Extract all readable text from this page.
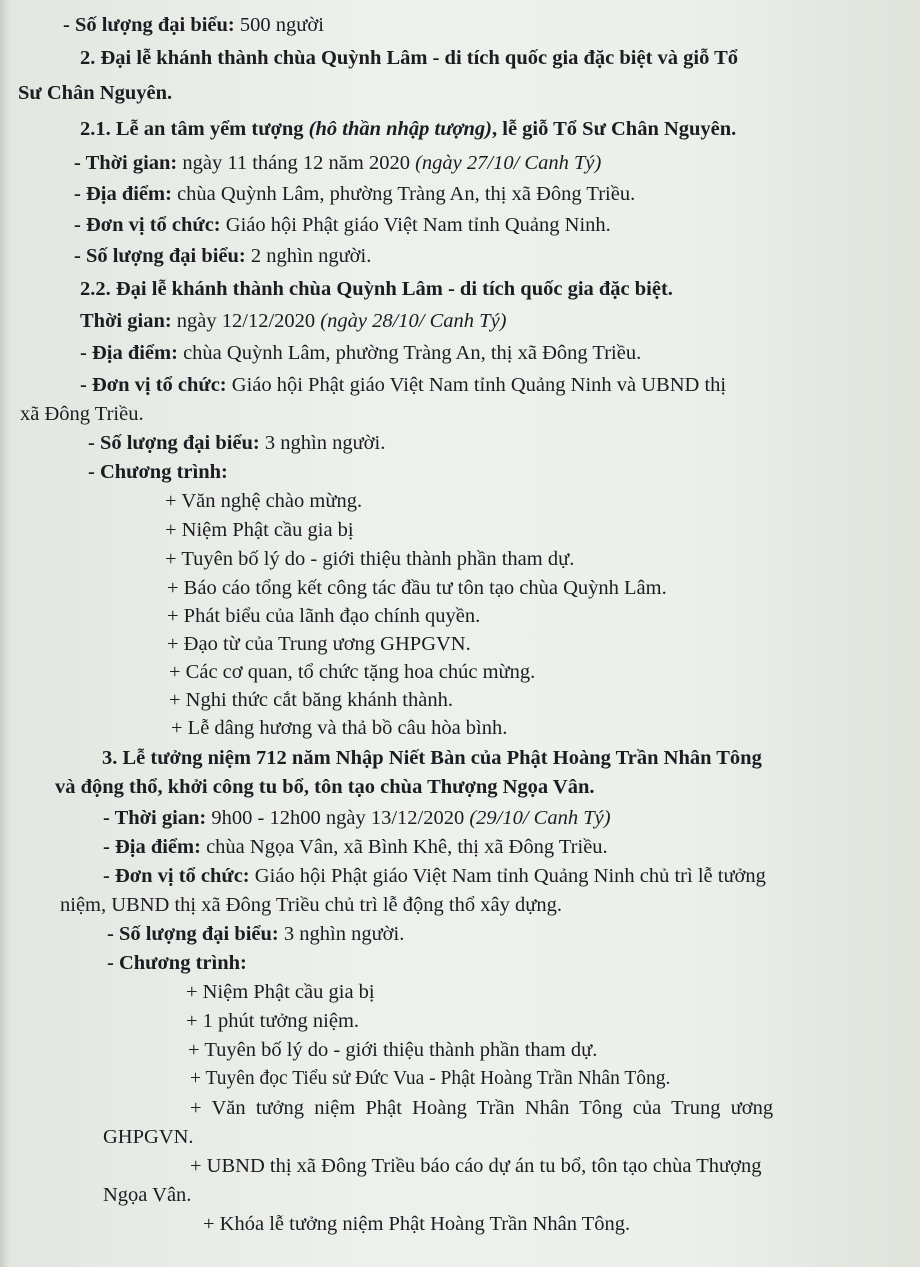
- Số lượng đại biểu: 500 người
2. Đại lễ khánh thành chùa Quỳnh Lâm - di tích quốc gia đặc biệt và giỗ Tổ
Sư Chân Nguyên.
2.1. Lễ an tâm yểm tượng (hô thần nhập tượng), lễ giỗ Tổ Sư Chân Nguyên.
- Thời gian: ngày 11 tháng 12 năm 2020 (ngày 27/10/ Canh Tý)
- Địa điểm: chùa Quỳnh Lâm, phường Tràng An, thị xã Đông Triều.
- Đơn vị tổ chức: Giáo hội Phật giáo Việt Nam tỉnh Quảng Ninh.
- Số lượng đại biểu: 2 nghìn người.
2.2. Đại lễ khánh thành chùa Quỳnh Lâm - di tích quốc gia đặc biệt.
Thời gian: ngày 12/12/2020 (ngày 28/10/ Canh Tý)
- Địa điểm: chùa Quỳnh Lâm, phường Tràng An, thị xã Đông Triều.
- Đơn vị tổ chức: Giáo hội Phật giáo Việt Nam tỉnh Quảng Ninh và UBND thị
xã Đông Triều.
- Số lượng đại biểu: 3 nghìn người.
- Chương trình:
+ Văn nghệ chào mừng.
+ Niệm Phật cầu gia bị
+ Tuyên bố lý do - giới thiệu thành phần tham dự.
+ Báo cáo tổng kết công tác đầu tư tôn tạo chùa Quỳnh Lâm.
+ Phát biểu của lãnh đạo chính quyền.
+ Đạo từ của Trung ương GHPGVN.
+ Các cơ quan, tổ chức tặng hoa chúc mừng.
+ Nghi thức cắt băng khánh thành.
+ Lễ dâng hương và thả bồ câu hòa bình.
3. Lễ tưởng niệm 712 năm Nhập Niết Bàn của Phật Hoàng Trần Nhân Tông
và động thổ, khởi công tu bổ, tôn tạo chùa Thượng Ngọa Vân.
- Thời gian: 9h00 - 12h00 ngày 13/12/2020 (29/10/ Canh Tý)
- Địa điểm: chùa Ngọa Vân, xã Bình Khê, thị xã Đông Triều.
- Đơn vị tổ chức: Giáo hội Phật giáo Việt Nam tỉnh Quảng Ninh chủ trì lễ tưởng
niệm, UBND thị xã Đông Triều chủ trì lễ động thổ xây dựng.
- Số lượng đại biểu: 3 nghìn người.
- Chương trình:
+ Niệm Phật cầu gia bị
+ 1 phút tưởng niệm.
+ Tuyên bố lý do - giới thiệu thành phần tham dự.
+ Tuyên đọc Tiểu sử Đức Vua - Phật Hoàng Trần Nhân Tông.
+  Văn  tưởng  niệm  Phật  Hoàng  Trần  Nhân  Tông  của  Trung  ương
GHPGVN.
+ UBND thị xã Đông Triều báo cáo dự án tu bổ, tôn tạo chùa Thượng
Ngọa Vân.
+ Khóa lễ tưởng niệm Phật Hoàng Trần Nhân Tông.
